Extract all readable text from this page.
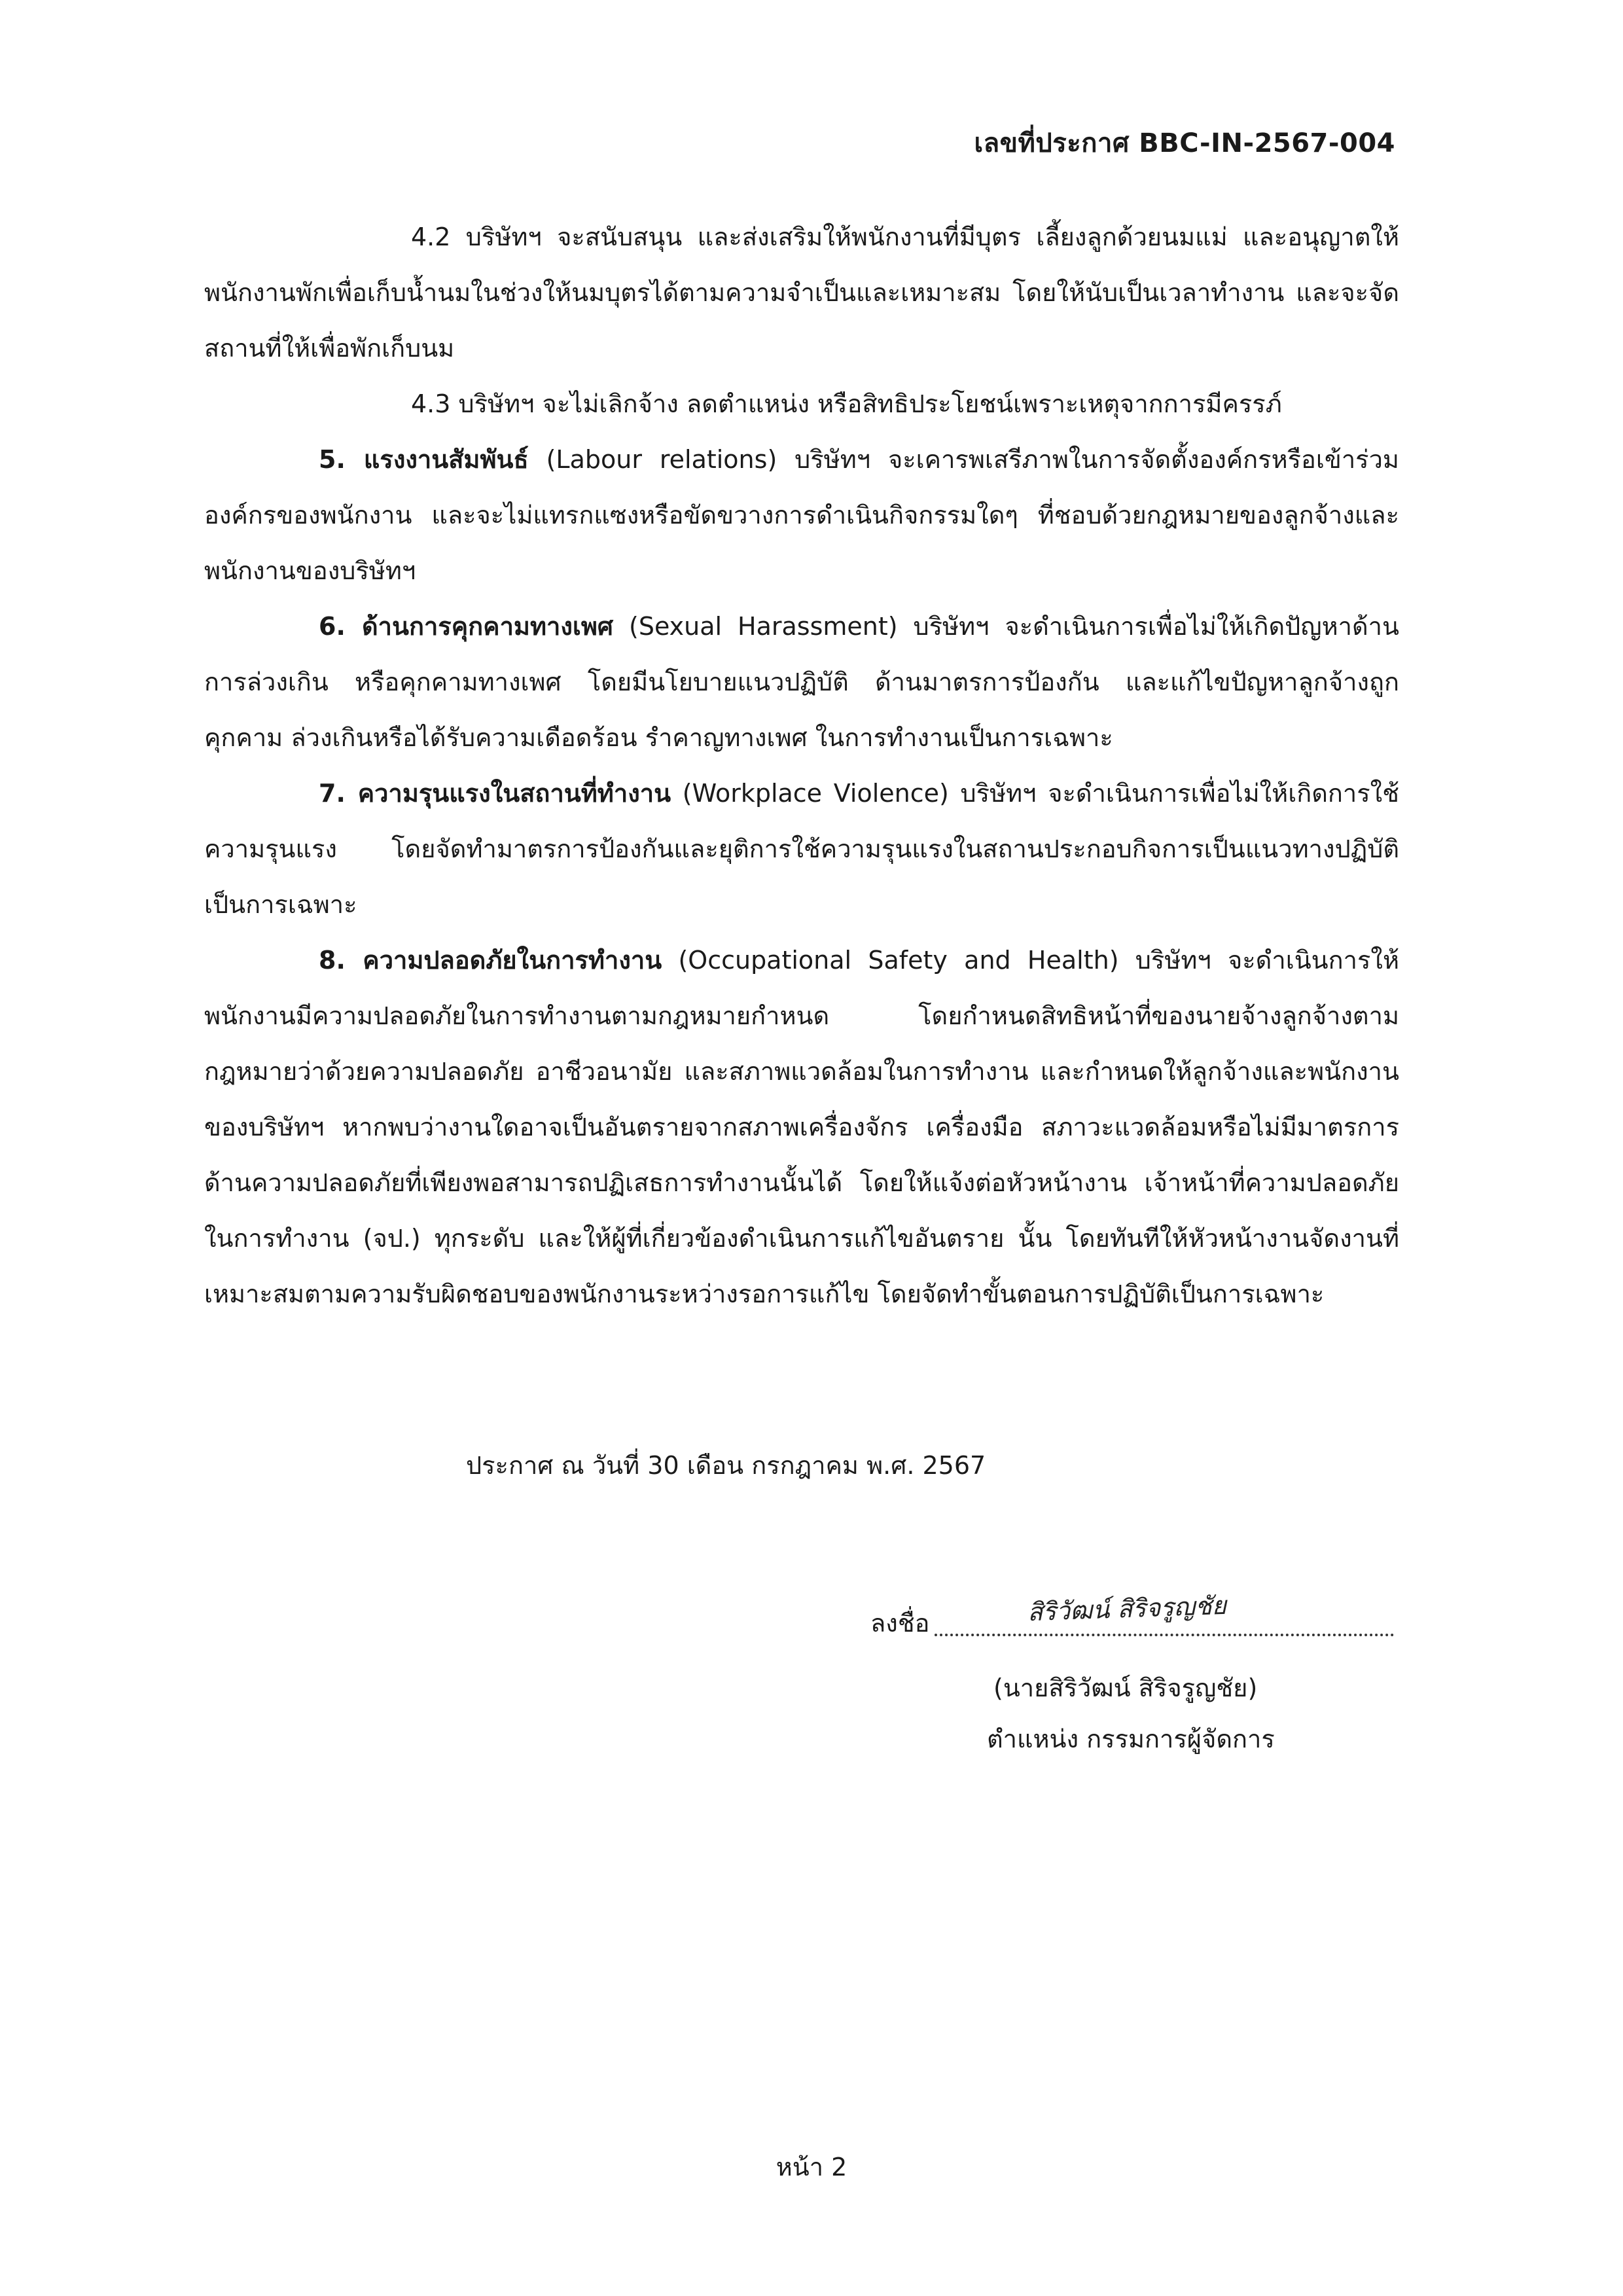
เลขที่ประกาศ BBC-IN-2567-004

4.2 บริษัทฯ จะสนับสนุน และส่งเสริมให้พนักงานที่มีบุตร เลี้ยงลูกด้วยนมแม่ และอนุญาตให้พนักงานพักเพื่อเก็บน้ำนมในช่วงให้นมบุตรได้ตามความจำเป็นและเหมาะสม โดยให้นับเป็นเวลาทำงาน และจะจัดสถานที่ให้เพื่อพักเก็บนม

4.3 บริษัทฯ จะไม่เลิกจ้าง ลดตำแหน่ง หรือสิทธิประโยชน์เพราะเหตุจากการมีครรภ์

5. แรงงานสัมพันธ์ (Labour relations) บริษัทฯ จะเคารพเสรีภาพในการจัดตั้งองค์กรหรือเข้าร่วมองค์กรของพนักงาน และจะไม่แทรกแซงหรือขัดขวางการดำเนินกิจกรรมใดๆ ที่ชอบด้วยกฎหมายของลูกจ้างและพนักงานของบริษัทฯ

6. ด้านการคุกคามทางเพศ (Sexual Harassment) บริษัทฯ จะดำเนินการเพื่อไม่ให้เกิดปัญหาด้านการล่วงเกิน หรือคุกคามทางเพศ โดยมีนโยบายแนวปฏิบัติ ด้านมาตรการป้องกัน และแก้ไขปัญหาลูกจ้างถูกคุกคาม ล่วงเกินหรือได้รับความเดือดร้อน รำคาญทางเพศ ในการทำงานเป็นการเฉพาะ

7. ความรุนแรงในสถานที่ทำงาน (Workplace Violence) บริษัทฯ จะดำเนินการเพื่อไม่ให้เกิดการใช้ความรุนแรง โดยจัดทำมาตรการป้องกันและยุติการใช้ความรุนแรงในสถานประกอบกิจการเป็นแนวทางปฏิบัติเป็นการเฉพาะ

8. ความปลอดภัยในการทำงาน (Occupational Safety and Health) บริษัทฯ จะดำเนินการให้พนักงานมีความปลอดภัยในการทำงานตามกฎหมายกำหนด โดยกำหนดสิทธิหน้าที่ของนายจ้างลูกจ้างตามกฎหมายว่าด้วยความปลอดภัย อาชีวอนามัย และสภาพแวดล้อมในการทำงาน และกำหนดให้ลูกจ้างและพนักงานของบริษัทฯ หากพบว่างานใดอาจเป็นอันตรายจากสภาพเครื่องจักร เครื่องมือ สภาวะแวดล้อมหรือไม่มีมาตรการด้านความปลอดภัยที่เพียงพอสามารถปฏิเสธการทำงานนั้นได้ โดยให้แจ้งต่อหัวหน้างาน เจ้าหน้าที่ความปลอดภัยในการทำงาน (จป.) ทุกระดับ และให้ผู้ที่เกี่ยวข้องดำเนินการแก้ไขอันตราย นั้น โดยทันทีให้หัวหน้างานจัดงานที่เหมาะสมตามความรับผิดชอบของพนักงานระหว่างรอการแก้ไข โดยจัดทำขั้นตอนการปฏิบัติเป็นการเฉพาะ

ประกาศ ณ วันที่ 30 เดือน กรกฎาคม พ.ศ. 2567
ลงชื่อ	สิริวัฒน์ สิริจรูญชัย
(นายสิริวัฒน์ สิริจรูญชัย)
ตำแหน่ง กรรมการผู้จัดการ
หน้า 2
